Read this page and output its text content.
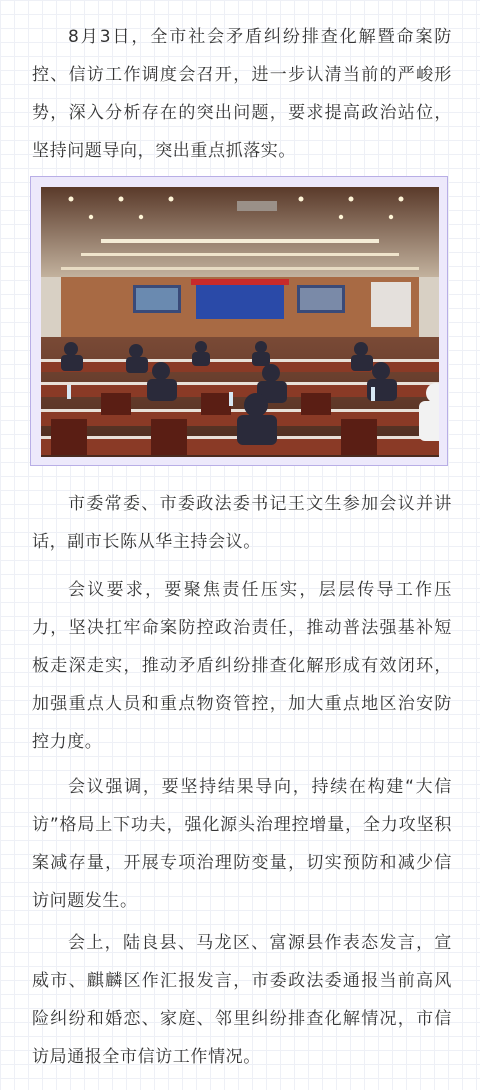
8月3日，全市社会矛盾纠纷排查化解暨命案防控、信访工作调度会召开，进一步认清当前的严峻形势，深入分析存在的突出问题，要求提高政治站位，坚持问题导向，突出重点抓落实。

市委常委、市委政法委书记王文生参加会议并讲话，副市长陈从华主持会议。

会议要求，要聚焦责任压实，层层传导工作压力，坚决扛牢命案防控政治责任，推动普法强基补短板走深走实，推动矛盾纠纷排查化解形成有效闭环，加强重点人员和重点物资管控，加大重点地区治安防控力度。

会议强调，要坚持结果导向，持续在构建“大信访”格局上下功夫，强化源头治理控增量，全力攻坚积案减存量，开展专项治理防变量，切实预防和减少信访问题发生。

会上，陆良县、马龙区、富源县作表态发言，宣威市、麒麟区作汇报发言，市委政法委通报当前高风险纠纷和婚恋、家庭、邻里纠纷排查化解情况，市信访局通报全市信访工作情况。
